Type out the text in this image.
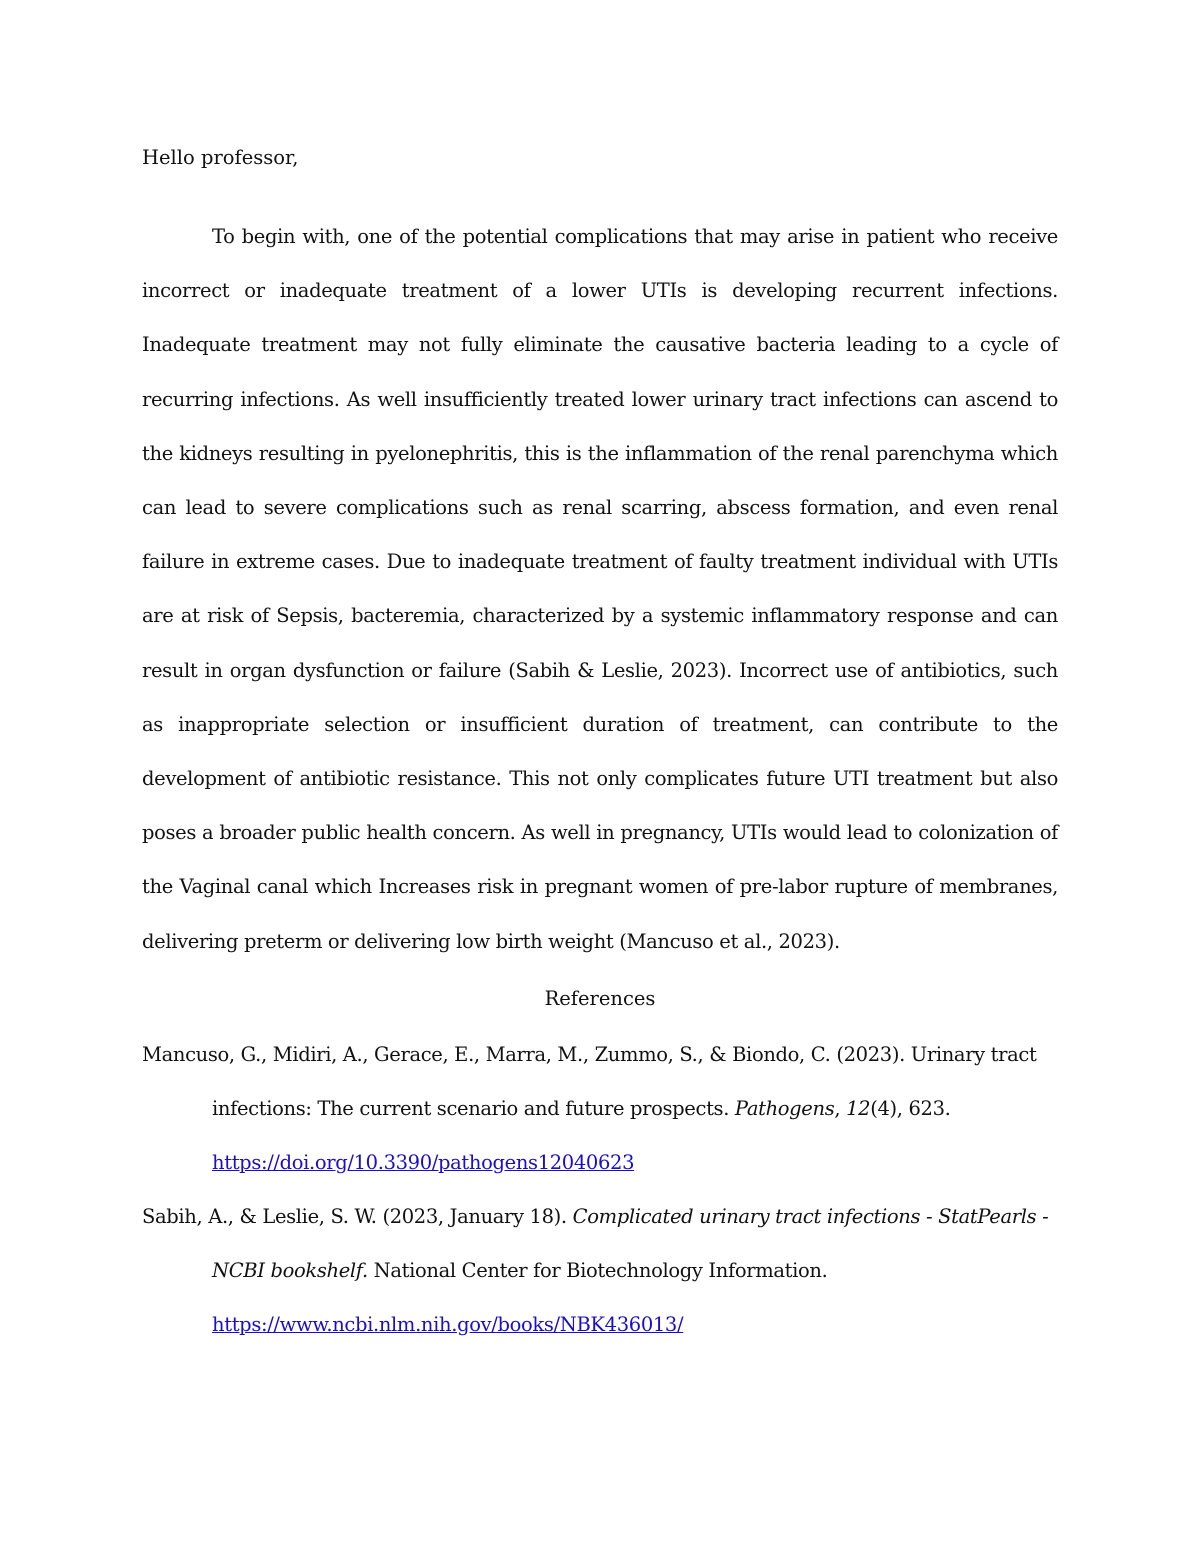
Hello professor,

To begin with, one of the potential complications that may arise in patient who receive incorrect or inadequate treatment of a lower UTIs is developing recurrent infections. Inadequate treatment may not fully eliminate the causative bacteria leading to a cycle of recurring infections. As well insufficiently treated lower urinary tract infections can ascend to the kidneys resulting in pyelonephritis, this is the inflammation of the renal parenchyma which can lead to severe complications such as renal scarring, abscess formation, and even renal failure in extreme cases. Due to inadequate treatment of faulty treatment individual with UTIs are at risk of Sepsis, bacteremia, characterized by a systemic inflammatory response and can result in organ dysfunction or failure (Sabih & Leslie, 2023). Incorrect use of antibiotics, such as inappropriate selection or insufficient duration of treatment, can contribute to the development of antibiotic resistance. This not only complicates future UTI treatment but also poses a broader public health concern. As well in pregnancy, UTIs would lead to colonization of the Vaginal canal which Increases risk in pregnant women of pre-labor rupture of membranes, delivering preterm or delivering low birth weight (Mancuso et al., 2023).

References

Mancuso, G., Midiri, A., Gerace, E., Marra, M., Zummo, S., & Biondo, C. (2023). Urinary tract infections: The current scenario and future prospects. Pathogens, 12(4), 623.
https://doi.org/10.3390/pathogens12040623

Sabih, A., & Leslie, S. W. (2023, January 18). Complicated urinary tract infections - StatPearls - NCBI bookshelf. National Center for Biotechnology Information.
https://www.ncbi.nlm.nih.gov/books/NBK436013/
